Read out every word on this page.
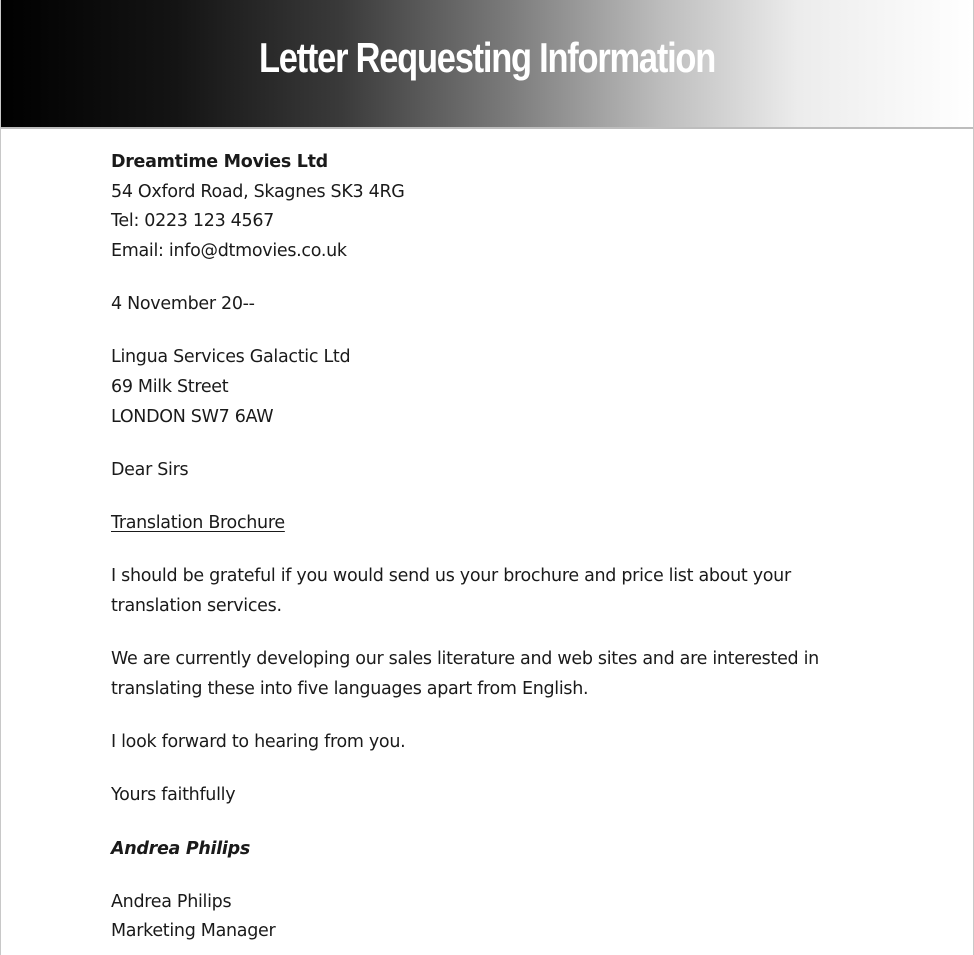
Letter Requesting Information
Dreamtime Movies Ltd
54 Oxford Road, Skagnes SK3 4RG
Tel: 0223 123 4567
Email: info@dtmovies.co.uk
4 November 20--
Lingua Services Galactic Ltd
69 Milk Street
LONDON SW7 6AW
Dear Sirs
Translation Brochure
I should be grateful if you would send us your brochure and price list about your
translation services.
We are currently developing our sales literature and web sites and are interested in
translating these into five languages apart from English.
I look forward to hearing from you.
Yours faithfully
Andrea Philips
Andrea Philips
Marketing Manager
